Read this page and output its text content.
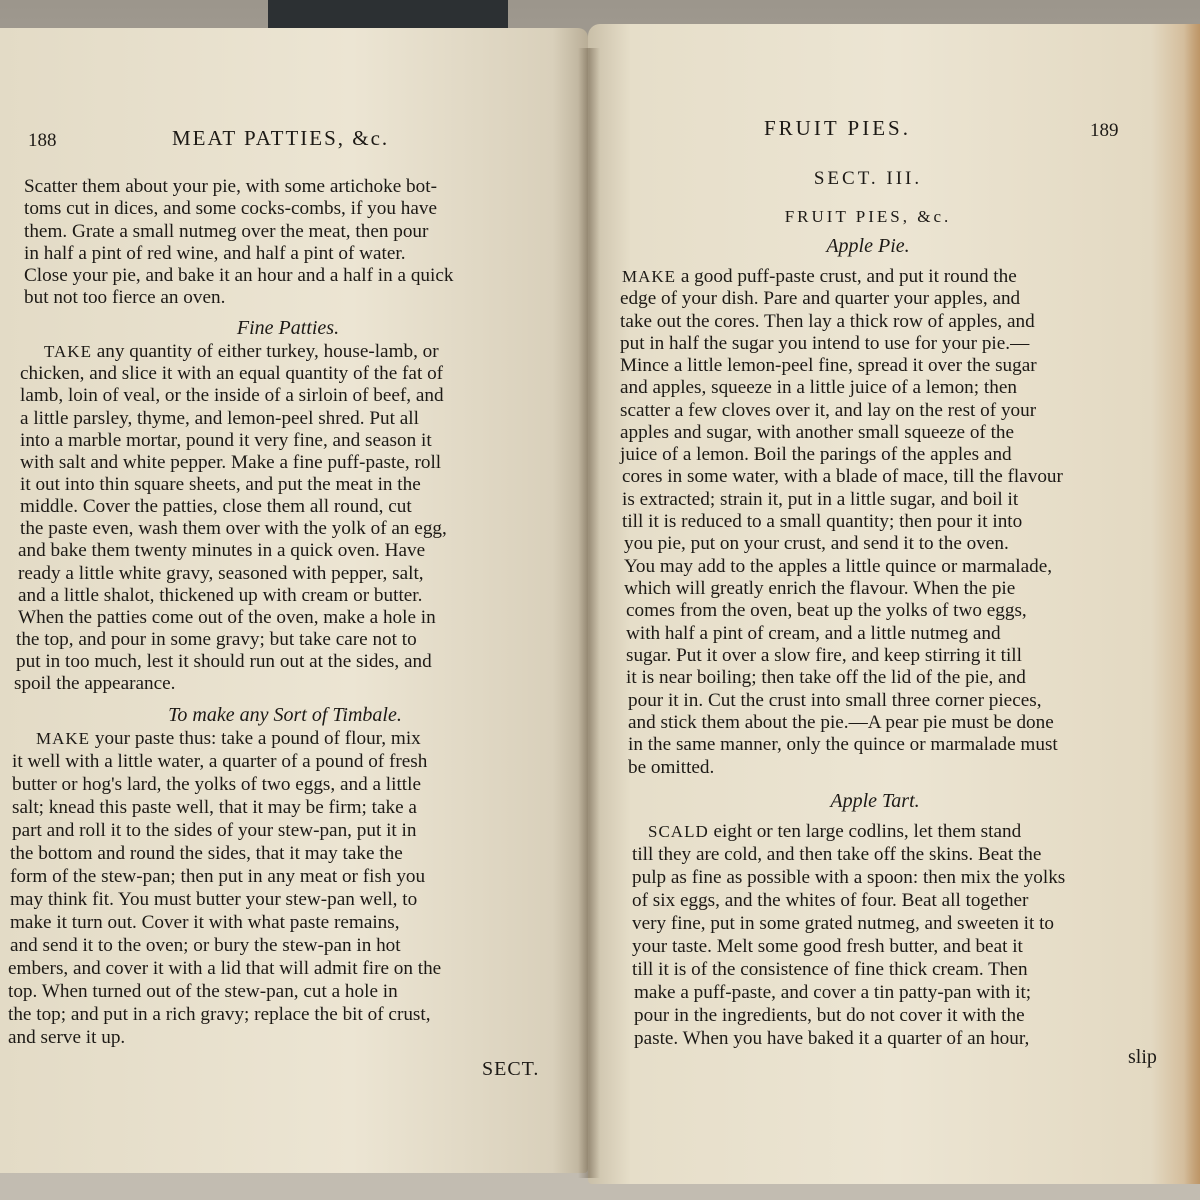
188	MEAT PATTIES, &c.
Scatter them about your pie, with some artichoke bot-
toms cut in dices, and some cocks-combs, if you have
them. Grate a small nutmeg over the meat, then pour
in half a pint of red wine, and half a pint of water.
Close your pie, and bake it an hour and a half in a quick
but not too fierce an oven.
Fine Patties.
TAKE any quantity of either turkey, house-lamb, or
chicken, and slice it with an equal quantity of the fat of
lamb, loin of veal, or the inside of a sirloin of beef, and
a little parsley, thyme, and lemon-peel shred. Put all
into a marble mortar, pound it very fine, and season it
with salt and white pepper. Make a fine puff-paste, roll
it out into thin square sheets, and put the meat in the
middle. Cover the patties, close them all round, cut
the paste even, wash them over with the yolk of an egg,
and bake them twenty minutes in a quick oven. Have
ready a little white gravy, seasoned with pepper, salt,
and a little shalot, thickened up with cream or butter.
When the patties come out of the oven, make a hole in
the top, and pour in some gravy; but take care not to
put in too much, lest it should run out at the sides, and
spoil the appearance.
To make any Sort of Timbale.
MAKE your paste thus: take a pound of flour, mix
it well with a little water, a quarter of a pound of fresh
butter or hog's lard, the yolks of two eggs, and a little
salt; knead this paste well, that it may be firm; take a
part and roll it to the sides of your stew-pan, put it in
the bottom and round the sides, that it may take the
form of the stew-pan; then put in any meat or fish you
may think fit. You must butter your stew-pan well, to
make it turn out. Cover it with what paste remains,
and send it to the oven; or bury the stew-pan in hot
embers, and cover it with a lid that will admit fire on the
top. When turned out of the stew-pan, cut a hole in
the top; and put in a rich gravy; replace the bit of crust,
and serve it up.
SECT.
FRUIT PIES.	189
SECT. III.
FRUIT PIES, &c.
Apple Pie.
MAKE a good puff-paste crust, and put it round the
edge of your dish. Pare and quarter your apples, and
take out the cores. Then lay a thick row of apples, and
put in half the sugar you intend to use for your pie.—
Mince a little lemon-peel fine, spread it over the sugar
and apples, squeeze in a little juice of a lemon; then
scatter a few cloves over it, and lay on the rest of your
apples and sugar, with another small squeeze of the
juice of a lemon. Boil the parings of the apples and
cores in some water, with a blade of mace, till the flavour
is extracted; strain it, put in a little sugar, and boil it
till it is reduced to a small quantity; then pour it into
you pie, put on your crust, and send it to the oven.
You may add to the apples a little quince or marmalade,
which will greatly enrich the flavour. When the pie
comes from the oven, beat up the yolks of two eggs,
with half a pint of cream, and a little nutmeg and
sugar. Put it over a slow fire, and keep stirring it till
it is near boiling; then take off the lid of the pie, and
pour it in. Cut the crust into small three corner pieces,
and stick them about the pie.—A pear pie must be done
in the same manner, only the quince or marmalade must
be omitted.
Apple Tart.
SCALD eight or ten large codlins, let them stand
till they are cold, and then take off the skins. Beat the
pulp as fine as possible with a spoon: then mix the yolks
of six eggs, and the whites of four. Beat all together
very fine, put in some grated nutmeg, and sweeten it to
your taste. Melt some good fresh butter, and beat it
till it is of the consistence of fine thick cream. Then
make a puff-paste, and cover a tin patty-pan with it;
pour in the ingredients, but do not cover it with the
paste. When you have baked it a quarter of an hour,
slip
